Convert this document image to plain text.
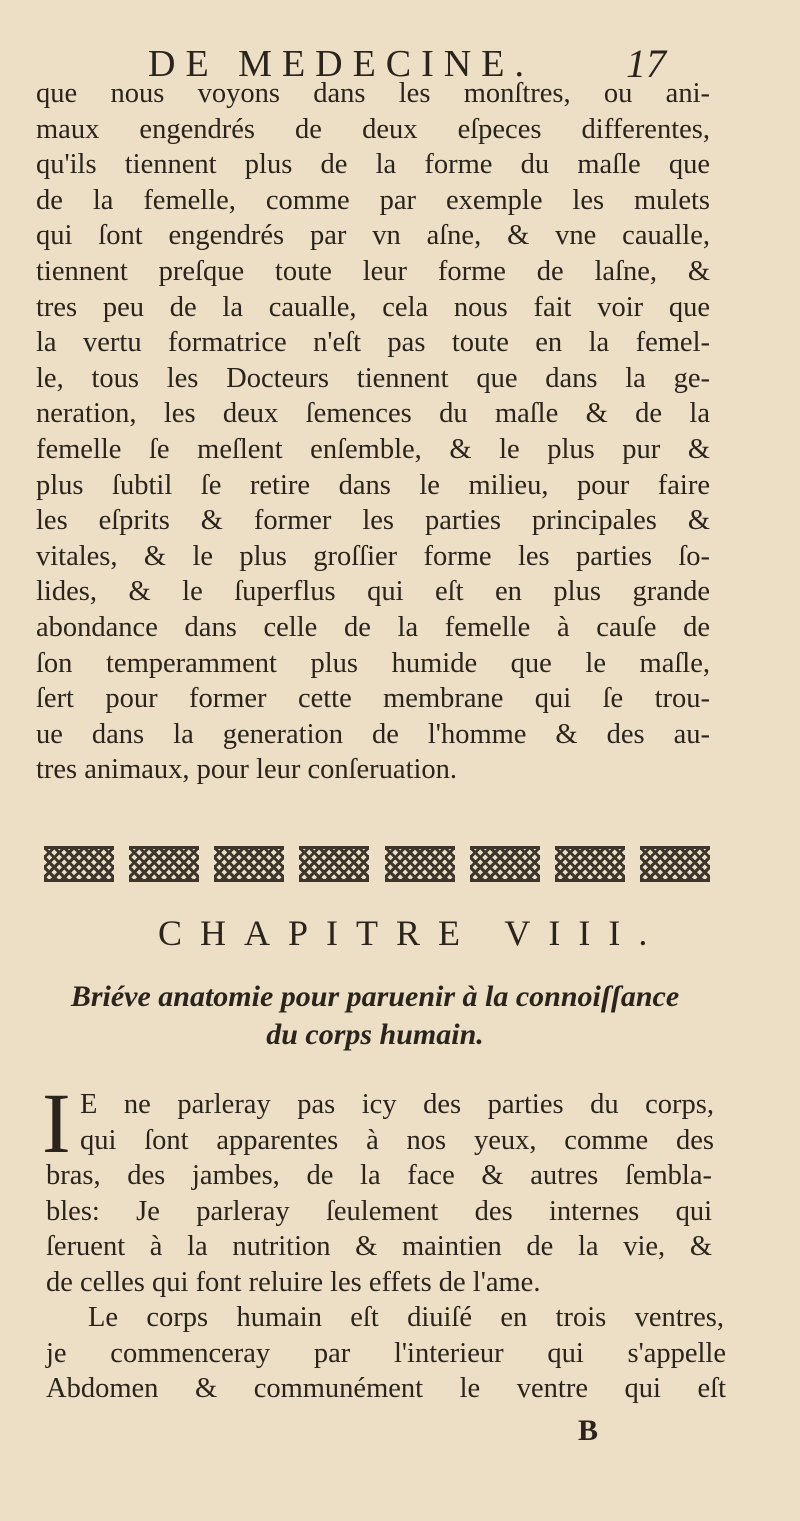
DE MEDECINE. 17
que nous voyons dans les monſtres, ou ani-
maux engendrés de deux eſpeces differentes,
qu'ils tiennent plus de la forme du maſle que
de la femelle, comme par exemple les mulets
qui ſont engendrés par vn aſne, & vne caualle,
tiennent preſque toute leur forme de laſne, &
tres peu de la caualle, cela nous fait voir que
la vertu formatrice n'eſt pas toute en la femel-
le, tous les Docteurs tiennent que dans la ge-
neration, les deux ſemences du maſle & de la
femelle ſe meſlent enſemble, & le plus pur &
plus ſubtil ſe retire dans le milieu, pour faire
les eſprits & former les parties principales &
vitales, & le plus groſſier forme les parties ſo-
lides, & le ſuperflus qui eſt en plus grande
abondance dans celle de la femelle à cauſe de
ſon temperamment plus humide que le maſle,
ſert pour former cette membrane qui ſe trou-
ue dans la generation de l'homme & des au-
tres animaux, pour leur conſeruation.
CHAPITRE VIII.
Briéve anatomie pour paruenir à la connoiſſance
du corps humain.
I E ne parleray pas icy des parties du corps,
qui ſont apparentes à nos yeux, comme des
bras, des jambes, de la face & autres ſembla-
bles: Je parleray ſeulement des internes qui
ſeruent à la nutrition & maintien de la vie, &
de celles qui font reluire les effets de l'ame.
Le corps humain eſt diuiſé en trois ventres,
je commenceray par l'interieur qui s'appelle
Abdomen & communément le ventre qui eſt
B
